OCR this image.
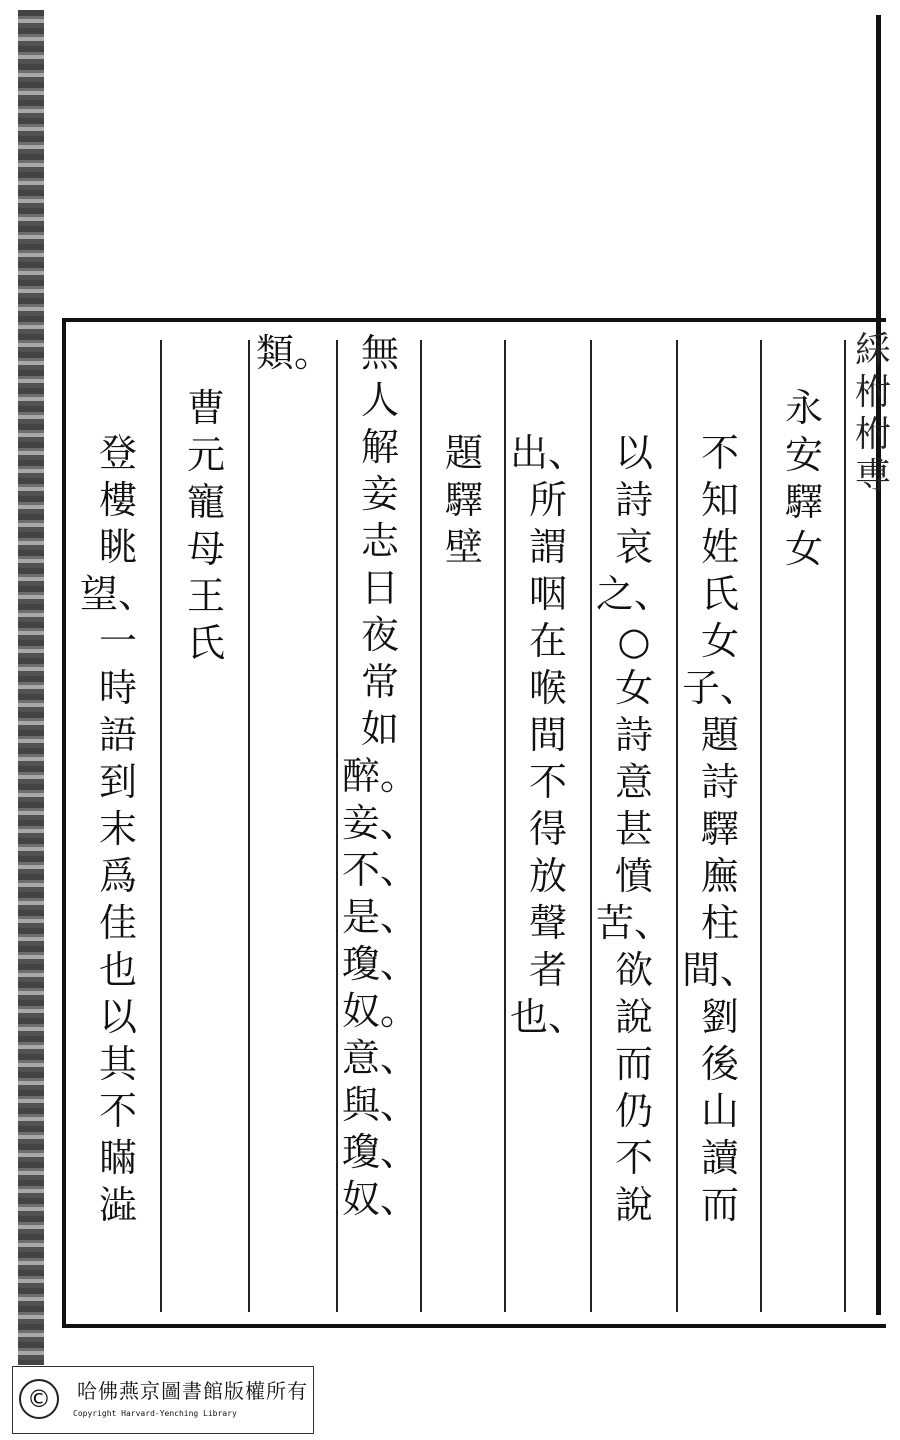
綵
柎
柎
尃
永
安
驛
女
不
知
姓
氏
女
子、
題
詩
驛
廡
柱
間、
劉
後
山
讀
而
以
詩
哀
之、
○
女
詩
意
甚
憤
苦、
欲
說
而
仍
不
說
出、
所
謂
咽
在
喉
間
不
得
放
聲
者
也、
題
驛
壁
無
人
解
妾
志
日
夜
常
如
醉。
妾、
不、
是、
瓊、
奴。
意、
與、
瓊、
奴、
類。
曹
元
寵
母
王
氏
登
樓
眺
望、
一
時
語
到
末
爲
佳
也
以
其
不
瞞
澁
©	哈佛燕京圖書館版權所有
Copyright Harvard-Yenching Library
